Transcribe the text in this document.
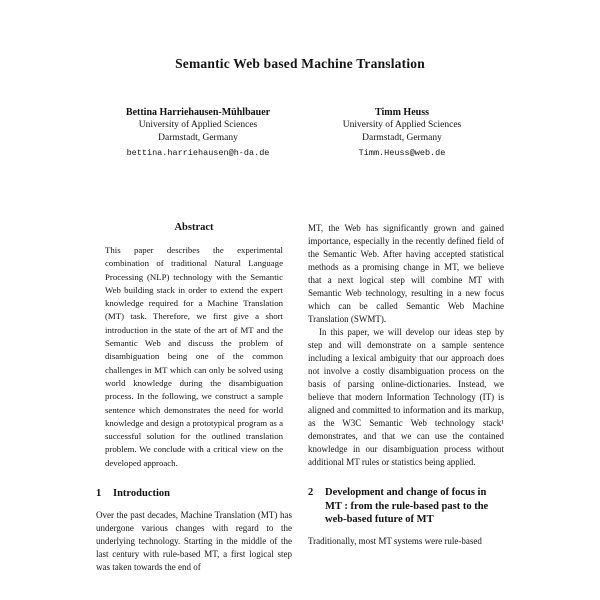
Semantic Web based Machine Translation
Bettina Harriehausen-Mühlbauer
University of Applied Sciences
Darmstadt, Germany
bettina.harriehausen@h-da.de
Timm Heuss
University of Applied Sciences
Darmstadt, Germany
Timm.Heuss@web.de
Abstract

This paper describes the experimental combination of traditional Natural Language Processing (NLP) technology with the Semantic Web building stack in order to extend the expert knowledge required for a Machine Translation (MT) task. Therefore, we first give a short introduction in the state of the art of MT and the Semantic Web and discuss the problem of disambiguation being one of the common challenges in MT which can only be solved using world knowledge during the disambiguation process. In the following, we construct a sample sentence which demonstrates the need for world knowledge and design a prototypical program as a successful solution for the outlined translation problem. We conclude with a critical view on the developed approach.

1	Introduction

Over the past decades, Machine Translation (MT) has undergone various changes with regard to the underlying technology. Starting in the middle of the last century with rule-based MT, a first logical step was taken towards the end of

MT, the Web has significantly grown and gained importance, especially in the recently defined field of the Semantic Web. After having accepted statistical methods as a promising change in MT, we believe that a next logical step will combine MT with Semantic Web technology, resulting in a new focus which can be called Semantic Web Machine Translation (SWMT).

In this paper, we will develop our ideas step by step and will demonstrate on a sample sentence including a lexical ambiguity that our approach does not involve a costly disambiguation process on the basis of parsing online-dictionaries. Instead, we believe that modern Information Technology (IT) is aligned and committed to information and its markup, as the W3C Semantic Web technology stack¹ demonstrates, and that we can use the contained knowledge in our disambiguation process without additional MT rules or statistics being applied.

2	Development and change of focus in MT : from the rule-based past to the web-based future of MT

Traditionally, most MT systems were rule-based
